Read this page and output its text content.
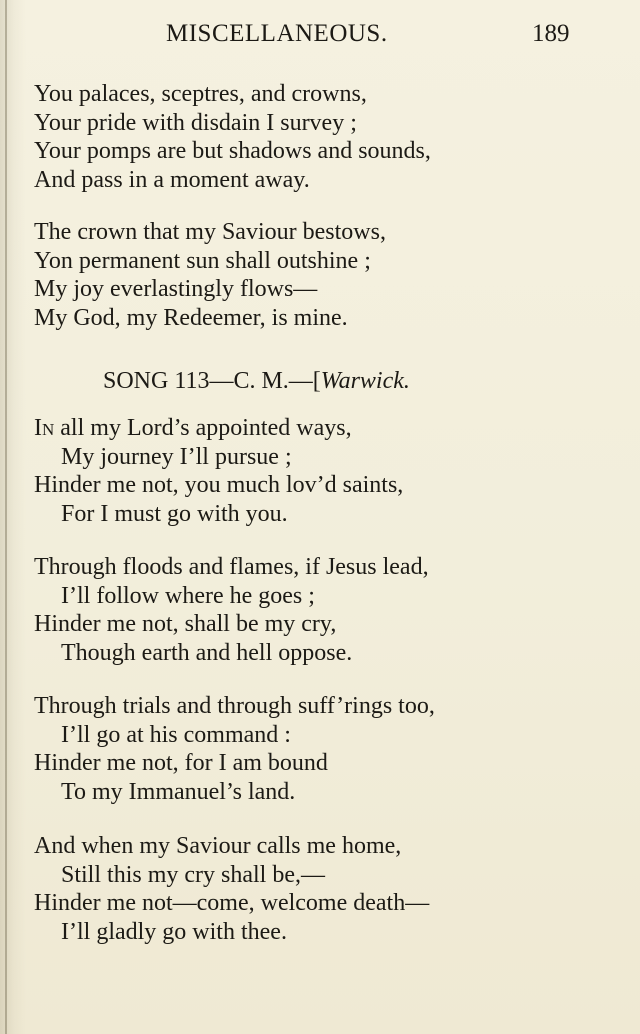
MISCELLANEOUS.	189
You palaces, sceptres, and crowns,
Your pride with disdain I survey ;
Your pomps are but shadows and sounds,
And pass in a moment away.
The crown that my Saviour bestows,
Yon permanent sun shall outshine ;
My joy everlastingly flows—
My God, my Redeemer, is mine.
SONG 113—C. M.—[Warwick.
In all my Lord’s appointed ways,
My journey I’ll pursue ;
Hinder me not, you much lov’d saints,
For I must go with you.
Through floods and flames, if Jesus lead,
I’ll follow where he goes ;
Hinder me not, shall be my cry,
Though earth and hell oppose.
Through trials and through suff’rings too,
I’ll go at his command :
Hinder me not, for I am bound
To my Immanuel’s land.
And when my Saviour calls me home,
Still this my cry shall be,—
Hinder me not—come, welcome death—
I’ll gladly go with thee.
